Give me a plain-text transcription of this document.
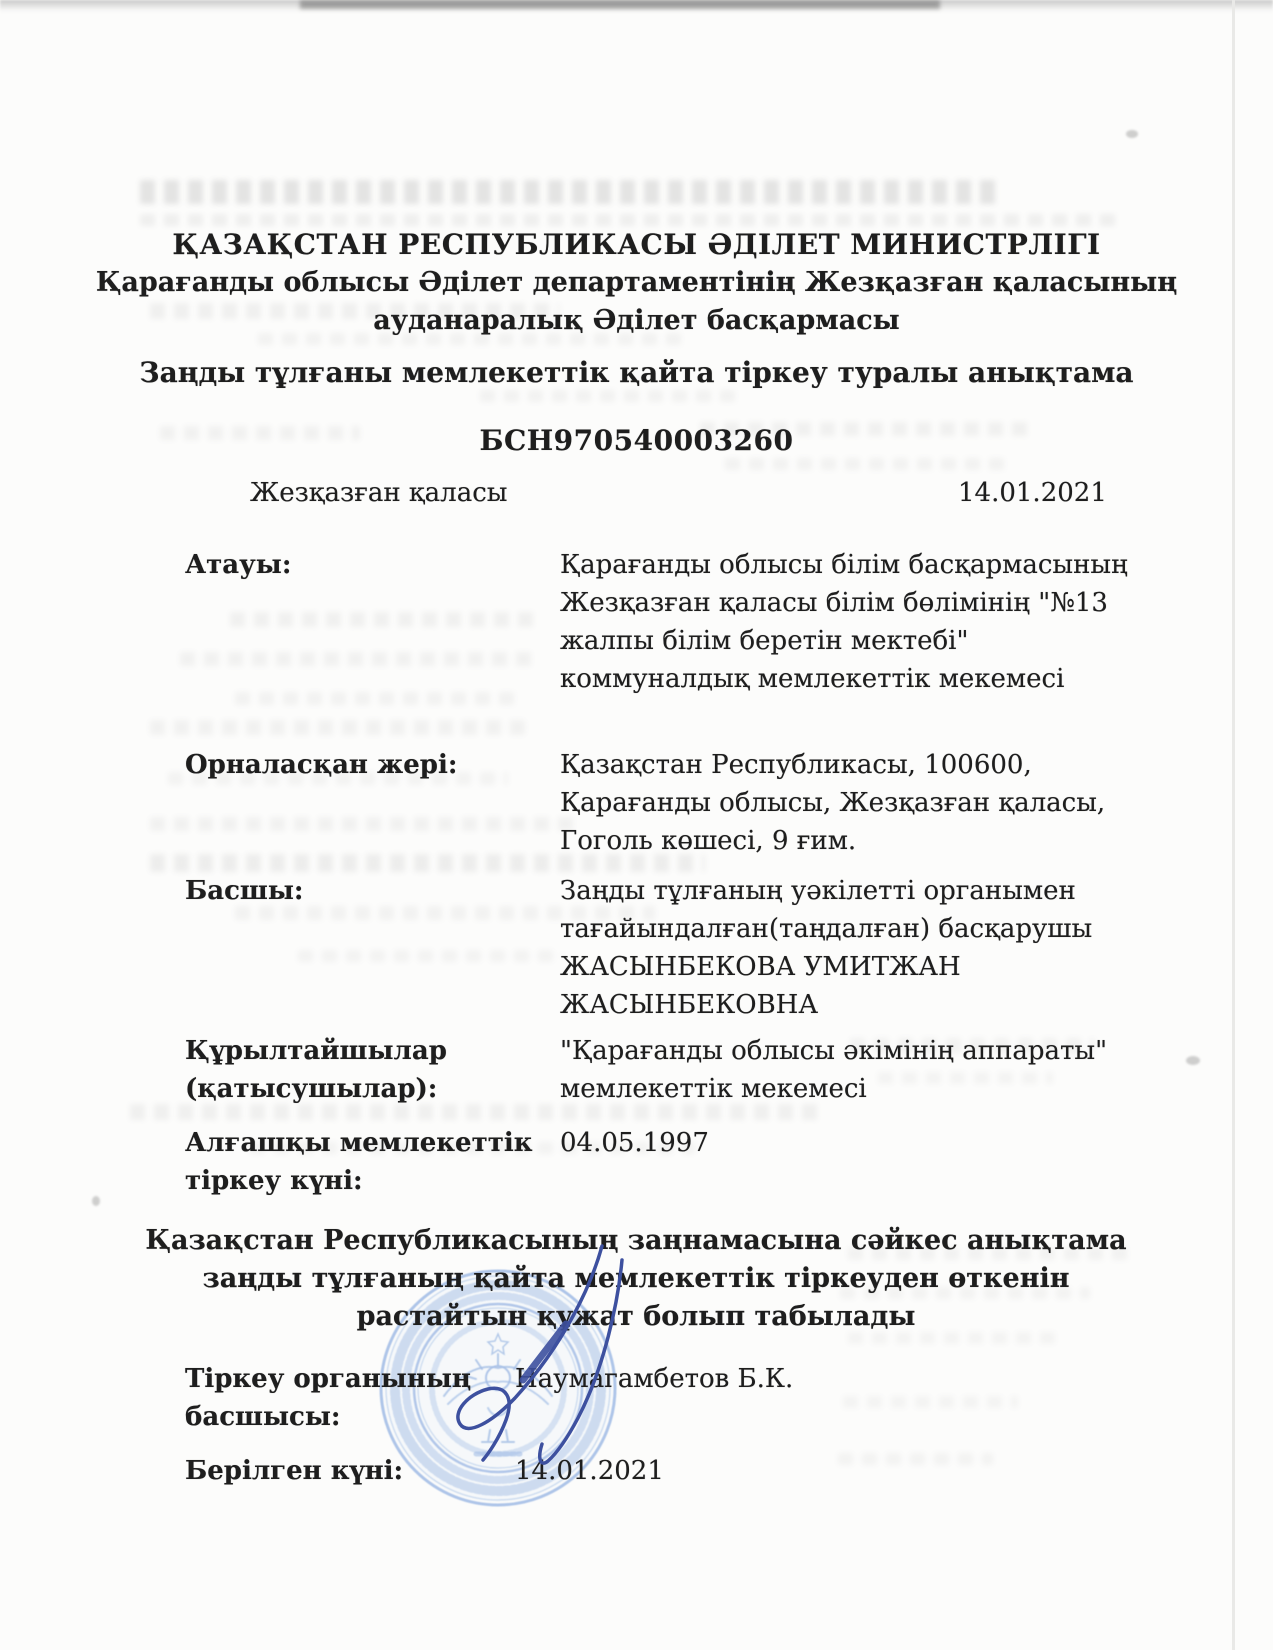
ҚАЗАҚСТАН РЕСПУБЛИКАСЫ ӘДІЛЕТ МИНИСТРЛІГІ
Қарағанды облысы Әділет департаментінің Жезқазған қаласының
ауданаралық Әділет басқармасы
Заңды тұлғаны мемлекеттік қайта тіркеу туралы анықтама
БСН970540003260
Жезқазған қаласы	14.01.2021
Атауы:	Қарағанды облысы білім басқармасының Жезқазған қаласы білім бөлімінің "№13 жалпы білім беретін мектебі" коммуналдық мемлекеттік мекемесі
Орналасқан жері:	Қазақстан Республикасы, 100600, Қарағанды облысы, Жезқазған қаласы, Гоголь көшесі, 9 ғим.
Басшы:	Заңды тұлғаның уәкілетті органымен тағайындалған(таңдалған) басқарушы ЖАСЫНБЕКОВА УМИТЖАН ЖАСЫНБЕКОВНА
Құрылтайшылар (қатысушылар):
"Қарағанды облысы әкімінің аппараты" мемлекеттік мекемесі
Алғашқы мемлекеттік тіркеу күні:
04.05.1997
Қазақстан Республикасының заңнамасына сәйкес анықтама заңды тұлғаның қайта мемлекеттік тіркеуден өткенін растайтын құжат болып табылады
Тіркеу органының басшысы:
Наумагамбетов Б.К.
Берілген күні:	14.01.2021
